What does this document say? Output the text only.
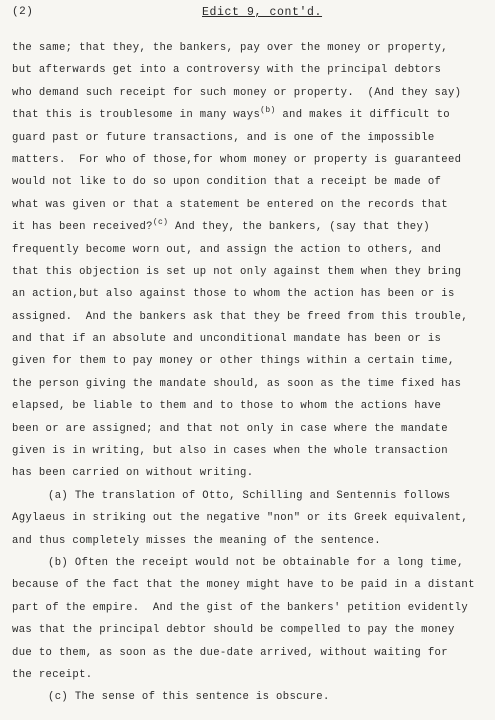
(2)	Edict 9, cont'd.
the same; that they, the bankers, pay over the money or property,
but afterwards get into a controversy with the principal debtors
who demand such receipt for such money or property.  (And they say)
that this is troublesome in many ways$^{(b)}$ and makes it difficult to
guard past or future transactions, and is one of the impossible
matters.  For who of those,for whom money or property is guaranteed
would not like to do so upon condition that a receipt be made of
what was given or that a statement be entered on the records that
it has been received?$^{(c)}$ And they, the bankers, (say that they)
frequently become worn out, and assign the action to others, and
that this objection is set up not only against them when they bring
an action,but also against those to whom the action has been or is
assigned.  And the bankers ask that they be freed from this trouble,
and that if an absolute and unconditional mandate has been or is
given for them to pay money or other things within a certain time,
the person giving the mandate should, as soon as the time fixed has
elapsed, be liable to them and to those to whom the actions have
been or are assigned; and that not only in case where the mandate
given is in writing, but also in cases when the whole transaction
has been carried on without writing.
(a) The translation of Otto, Schilling and Sentennis follows
Agylaeus in striking out the negative "non" or its Greek equivalent,
and thus completely misses the meaning of the sentence.
(b) Often the receipt would not be obtainable for a long time,
because of the fact that the money might have to be paid in a distant
part of the empire.  And the gist of the bankers' petition evidently
was that the principal debtor should be compelled to pay the money
due to them, as soon as the due-date arrived, without waiting for
the receipt.
(c) The sense of this sentence is obscure.
